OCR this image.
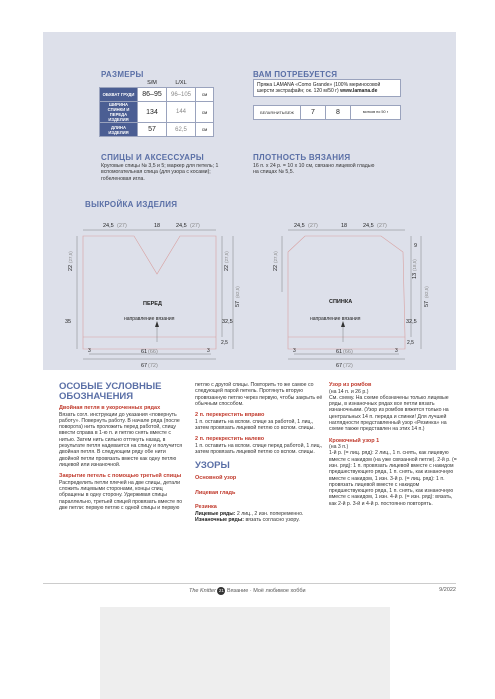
РАЗМЕРЫ
	S/M	L/XL	
ОБХВАТ ГРУДИ	86–95	96–105	см
ШИРИНА СПИНКИ И ПЕРЕДА ИЗДЕЛИЯ	134	144	см
ДЛИНА ИЗДЕЛИЯ	57	62,5	см
ВАМ ПОТРЕБУЕТСЯ
Пряжа LAMANA «Como Grande» (100% мериносовой шерсти экстрафайн; ок. 120 м/50 г) www.lamana.de
БЕЛАЯ/НИТЬ/БЕЖ	7	8	мотков по 50 г
СПИЦЫ И АКСЕССУАРЫ
Круговые спицы № 3,5 и 5; маркер для петель; 1 вспомогательная спица (для узора с косами); гобеленовая игла.
ПЛОТНОСТЬ ВЯЗАНИЯ
16 п. х 24 р. = 10 х 10 см, связано лицевой гладью на спицах № 5,5.
ВЫКРОЙКА ИЗДЕЛИЯ
24,5 (27)	18	24,5 (27)
22
(27,5)
35
22
(27,5)
32,5
2,5
57
(62,5)
3	3
61 (66)
67 (72)
ПЕРЕД
направление вязания
24,5 (27)	18	24,5 (27)
22
(27,5)
9
13
(18,5)
32,5
2,5
57
(62,5)
3	3
61 (66)
67 (72)
СПИНКА
направление вязания
ОСОБЫЕ УСЛОВНЫЕ ОБОЗНАЧЕНИЯ
Двойная петля в укороченных рядах
Вязать согл. инструкции до указания «повернуть работу». Повернуть работу. В начале ряда (после поворота) нить проложить перед работой, спицу ввести справа в 1-ю п. и петлю снять вместе с нитью. Затем нить сильно оттянуть назад, в результате петля надевается на спицу и получится двойная петля. В следующем ряду обе нити двойной петли провязать вместе как одну петлю лицевой или изнаночной.
Закрытие петель с помощью третьей спицы
Распределить петли плечей на две спицы, детали сложить лицевыми сторонами, концы спиц обращены в одну сторону. Удерживая спицы параллельно, третьей спицей провязать вместе по две петли: первую петлю с одной спицы и первую
петлю с другой спицы. Повторить то же самое со следующей парой петель. Протянуть вторую провязанную петлю через первую, чтобы закрыть её обычным способом.
2 п. перекрестить вправо
1 п. оставить на вспом. спице за работой, 1 лиц., затем провязать лицевой петлю со вспом. спицы.
2 п. перекрестить налево
1 п. оставить на вспом. спице перед работой, 1 лиц., затем провязать лицевой петлю со вспом. спицы.
УЗОРЫ
Основной узор
Лицевая гладь
Резинка
Лицевые ряды: 2 лиц., 2 изн. попеременно. Изнаночные ряды: вязать согласно узору.
Узор из ромбов
(на 14 п. и 26 р.)
См. схему. На схеме обозначены только лицевые ряды, в изнаночных рядах все петли вязать изнаночными. (Узор из ромбов вяжется только на центральных 14 п. переда и спинки! Для лучшей наглядности представленный узор «Резинка» на схеме также представлен на этих 14 п.)
Кромочный узор 1
(на 3 п.)
1-й р. (= лиц. ряд): 2 лиц., 1 п. снять, как лицевую вместе с накидом (на уже связанной петле). 2-й р. (= изн. ряд): 1 п. провязать лицевой вместе с накидом предшествующего ряда, 1 п. снять, как изнаночную вместе с накидом, 1 изн. 3-й р. (= лиц. ряд): 1 п. провязать лицевой вместе с накидом предшествующего ряда, 1 п. снять, как изнаночную вместе с накидом, 1 изн. 4-й р. (= изн. ряд): вязать, как 2-й р. 3-й и 4-й р. постоянно повторять.
The Knitter 21 Вязание · Моё любимое хобби	9/2022
